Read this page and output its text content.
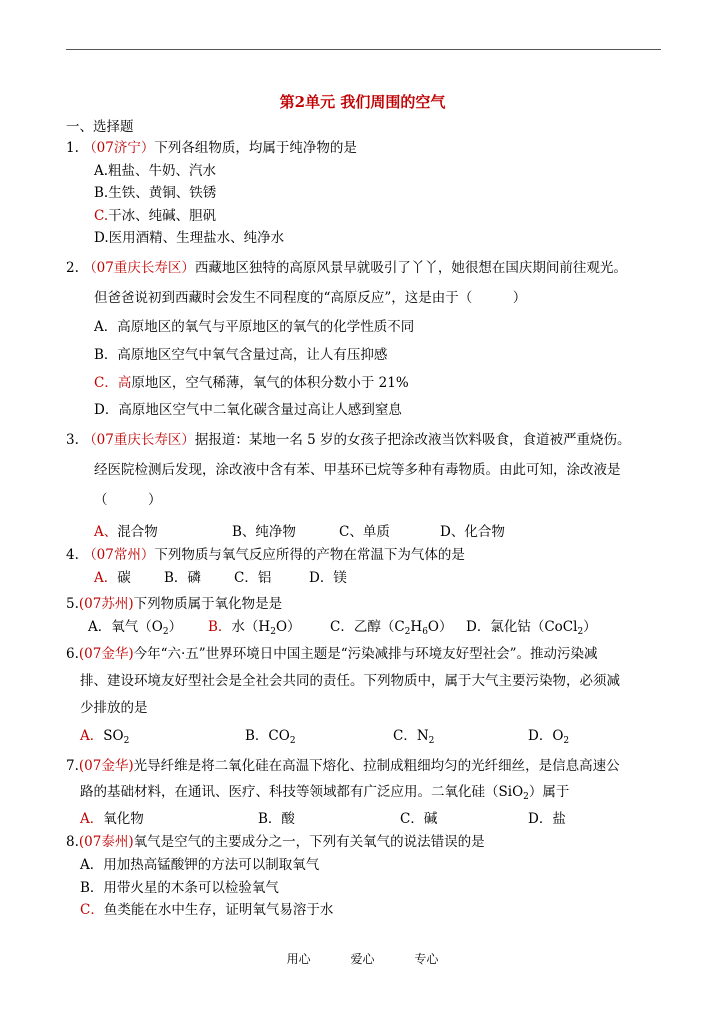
第2单元 我们周围的空气
一、选择题
1. （07济宁）下列各组物质，均属于纯净物的是
A.粗盐、牛奶、汽水
B.生铁、黄铜、铁锈
C.干冰、纯碱、胆矾
D.医用酒精、生理盐水、纯净水
2. （07重庆长寿区）西藏地区独特的高原风景早就吸引了丫丫，她很想在国庆期间前往观光。
但爸爸说初到西藏时会发生不同程度的“高原反应”，这是由于（　　　）
A．高原地区的氧气与平原地区的氧气的化学性质不同
B．高原地区空气中氧气含量过高，让人有压抑感
C．高原地区，空气稀薄，氧气的体积分数小于 21%
D．高原地区空气中二氧化碳含量过高让人感到窒息
3. （07重庆长寿区）据报道：某地一名 5 岁的女孩子把涂改液当饮料吸食，食道被严重烧伤。
经医院检测后发现，涂改液中含有苯、甲基环已烷等多种有毒物质。由此可知，涂改液是
（　　　）
A、混合物	B、纯净物	C、单质	D、化合物
4. （07常州）下列物质与氧气反应所得的产物在常温下为气体的是
A．碳 B．磷 C．铝	D．镁
5.(07苏州)下列物质属于氧化物是是
A．氧气$(O_2)$ B．水$(H_2O)$ C．乙醇$(C_2H_6O)$ D．氯化钴（CoCl$_2$）
6.(07金华)今年“六·五”世界环境日中国主题是“污染减排与环境友好型社会”。推动污染减
排、建设环境友好型社会是全社会共同的责任。下列物质中，属于大气主要污染物，必须减
少排放的是
A．$SO_2$	B．$CO_2$	C．$N_2$	D．$O_2$
7.(07金华)光导纤维是将二氧化硅在高温下熔化、拉制成粗细均匀的光纤细丝，是信息高速公
路的基础材料，在通讯、医疗、科技等领域都有广泛应用。二氧化硅（SiO$_2$）属于
A．氧化物	B．酸	C．碱	D．盐
8.(07泰州)氧气是空气的主要成分之一，下列有关氧气的说法错误的是
A．用加热高锰酸钾的方法可以制取氧气
B．用带火星的木条可以检验氧气
C．鱼类能在水中生存，证明氧气易溶于水
用心	爱心	专心
